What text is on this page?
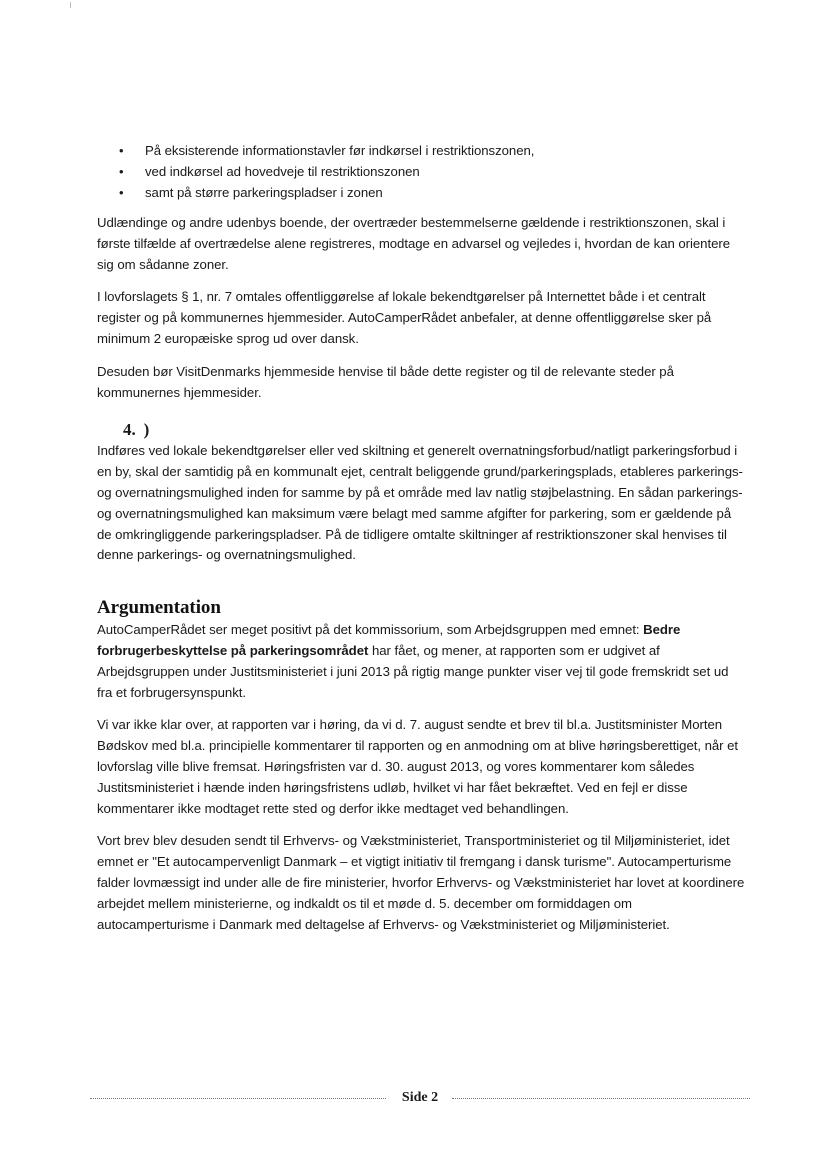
• På eksisterende informationstavler før indkørsel i restriktionszonen,
• ved indkørsel ad hovedveje til restriktionszonen
• samt på større parkeringspladser i zonen

Udlændinge og andre udenbys boende, der overtræder bestemmelserne gældende i restriktionszonen, skal i første tilfælde af overtrædelse alene registreres, modtage en advarsel og vejledes i, hvordan de kan orientere sig om sådanne zoner.

I lovforslagets § 1, nr. 7 omtales offentliggørelse af lokale bekendtgørelser på Internettet både i et centralt register og på kommunernes hjemmesider. AutoCamperRådet anbefaler, at denne offentliggørelse sker på minimum 2 europæiske sprog ud over dansk.

Desuden bør VisitDenmarks hjemmeside henvise til både dette register og til de relevante steder på kommunernes hjemmesider.

4. )

Indføres ved lokale bekendtgørelser eller ved skiltning et generelt overnatningsforbud/natligt parkeringsforbud i en by, skal der samtidig på en kommunalt ejet, centralt beliggende grund/parkeringsplads, etableres parkerings- og overnatningsmulighed inden for samme by på et område med lav natlig støjbelastning. En sådan parkerings- og overnatningsmulighed kan maksimum være belagt med samme afgifter for parkering, som er gældende på de omkringliggende parkeringspladser. På de tidligere omtalte skiltninger af restriktionszoner skal henvises til denne parkerings- og overnatningsmulighed.

Argumentation

AutoCamperRådet ser meget positivt på det kommissorium, som Arbejdsgruppen med emnet: Bedre forbrugerbeskyttelse på parkeringsområdet har fået, og mener, at rapporten som er udgivet af Arbejdsgruppen under Justitsministeriet i juni 2013 på rigtig mange punkter viser vej til gode fremskridt set ud fra et forbrugersynspunkt.

Vi var ikke klar over, at rapporten var i høring, da vi d. 7. august sendte et brev til bl.a. Justitsminister Morten Bødskov med bl.a. principielle kommentarer til rapporten og en anmodning om at blive høringsberettiget, når et lovforslag ville blive fremsat. Høringsfristen var d. 30. august 2013, og vores kommentarer kom således Justitsministeriet i hænde inden høringsfristens udløb, hvilket vi har fået bekræftet. Ved en fejl er disse kommentarer ikke modtaget rette sted og derfor ikke medtaget ved behandlingen.

Vort brev blev desuden sendt til Erhvervs- og Vækstministeriet, Transportministeriet og til Miljøministeriet, idet emnet er "Et autocampervenligt Danmark – et vigtigt initiativ til fremgang i dansk turisme". Autocamperturisme falder lovmæssigt ind under alle de fire ministerier, hvorfor Erhvervs- og Vækstministeriet har lovet at koordinere arbejdet mellem ministerierne, og indkaldt os til et møde d. 5. december om formiddagen om autocamperturisme i Danmark med deltagelse af Erhvervs- og Vækstministeriet og Miljøministeriet.

Side 2
